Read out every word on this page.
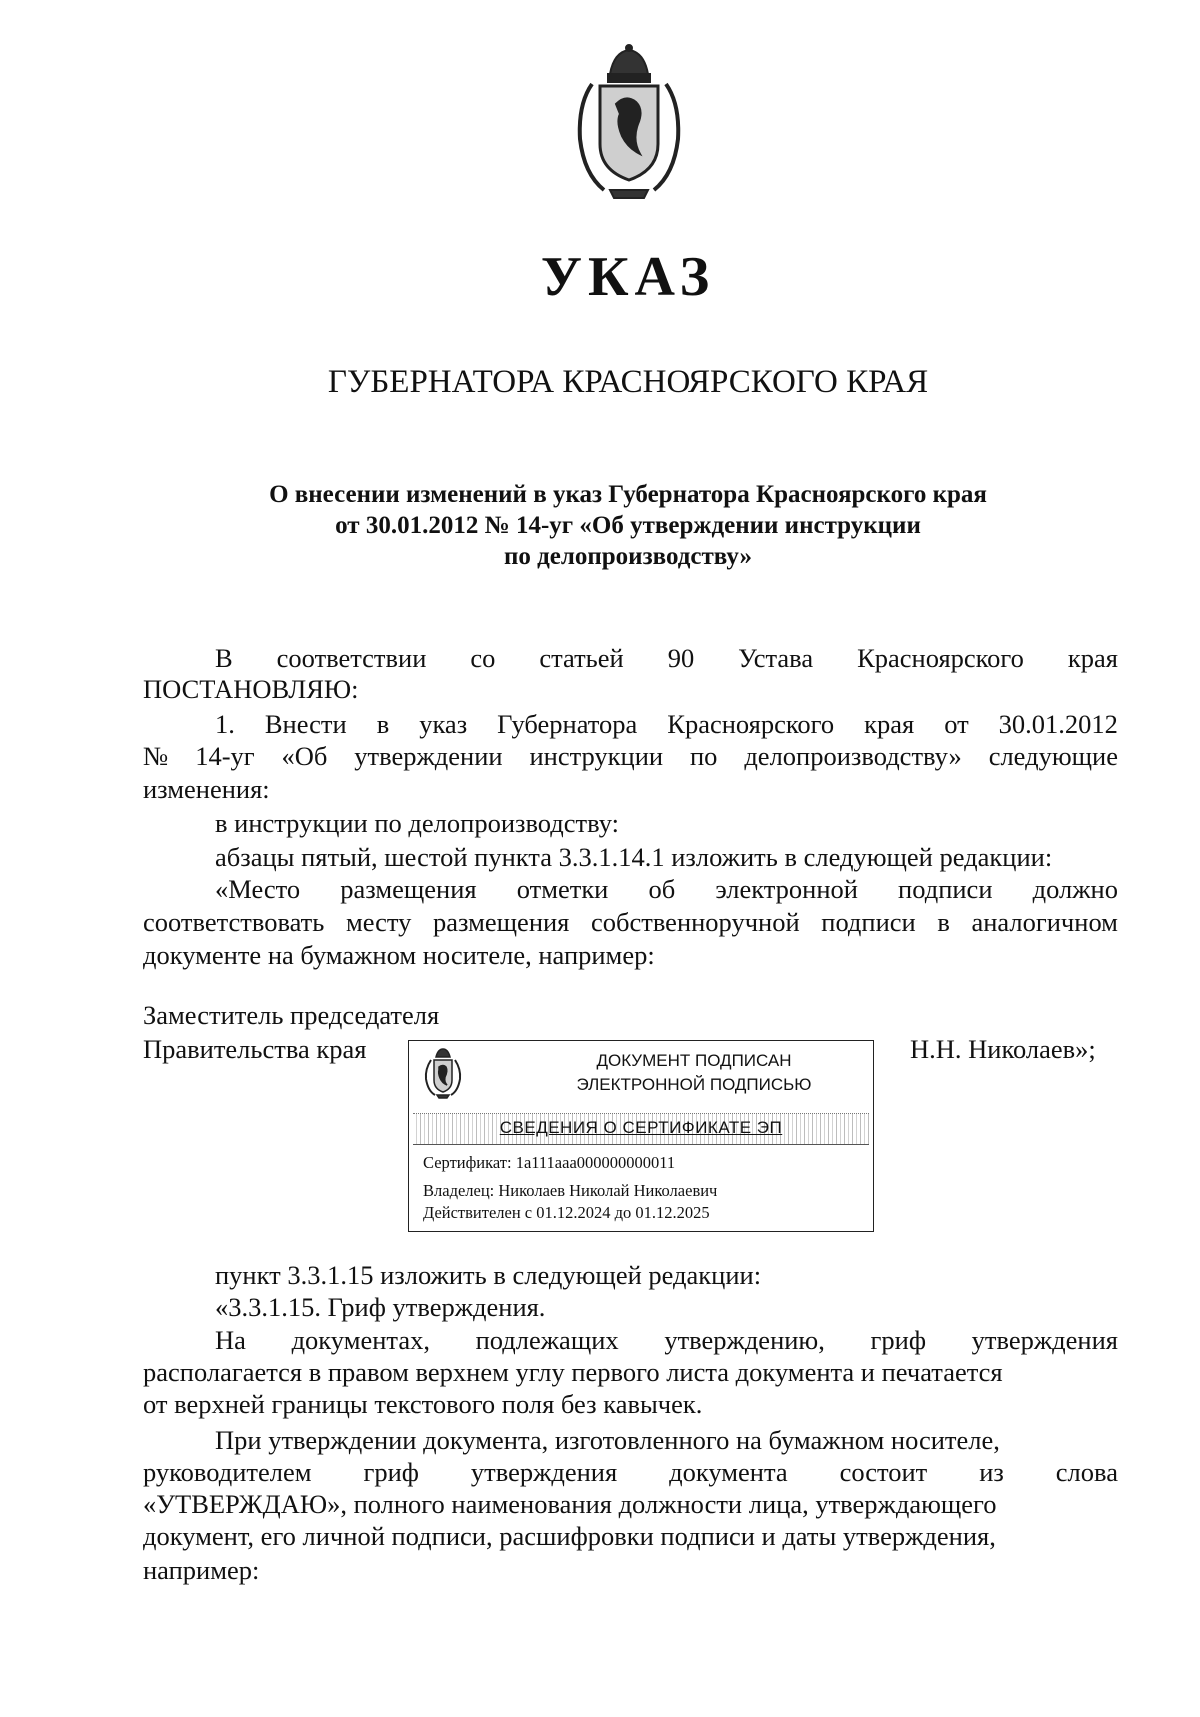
УКАЗ
ГУБЕРНАТОРА КРАСНОЯРСКОГО КРАЯ
О внесении изменений в указ Губернатора Красноярского края
от 30.01.2012 № 14-уг «Об утверждении инструкции
по делопроизводству»
В соответствии со статьей 90 Устава Красноярского края
ПОСТАНОВЛЯЮ:
1. Внести в указ Губернатора Красноярского края от 30.01.2012
№ 14-уг «Об утверждении инструкции по делопроизводству» следующие
изменения:
в инструкции по делопроизводству:
абзацы пятый, шестой пункта 3.3.1.14.1 изложить в следующей редакции:
«Место размещения отметки об электронной подписи должно
соответствовать месту размещения собственноручной подписи в аналогичном
документе на бумажном носителе, например:
Заместитель председателя
Правительства края	Н.Н. Николаев»;
ДОКУМЕНТ ПОДПИСАН
ЭЛЕКТРОННОЙ ПОДПИСЬЮ
СВЕДЕНИЯ О СЕРТИФИКАТЕ ЭП
Сертификат: 1a111aaa000000000011
Владелец: Николаев Николай Николаевич
Действителен с 01.12.2024 до 01.12.2025
пункт 3.3.1.15 изложить в следующей редакции:
«3.3.1.15. Гриф утверждения.
На документах, подлежащих утверждению, гриф утверждения
располагается в правом верхнем углу первого листа документа и печатается
от верхней границы текстового поля без кавычек.
При утверждении документа, изготовленного на бумажном носителе,
руководителем гриф утверждения документа состоит из слова
«УТВЕРЖДАЮ», полного наименования должности лица, утверждающего
документ, его личной подписи, расшифровки подписи и даты утверждения,
например:
